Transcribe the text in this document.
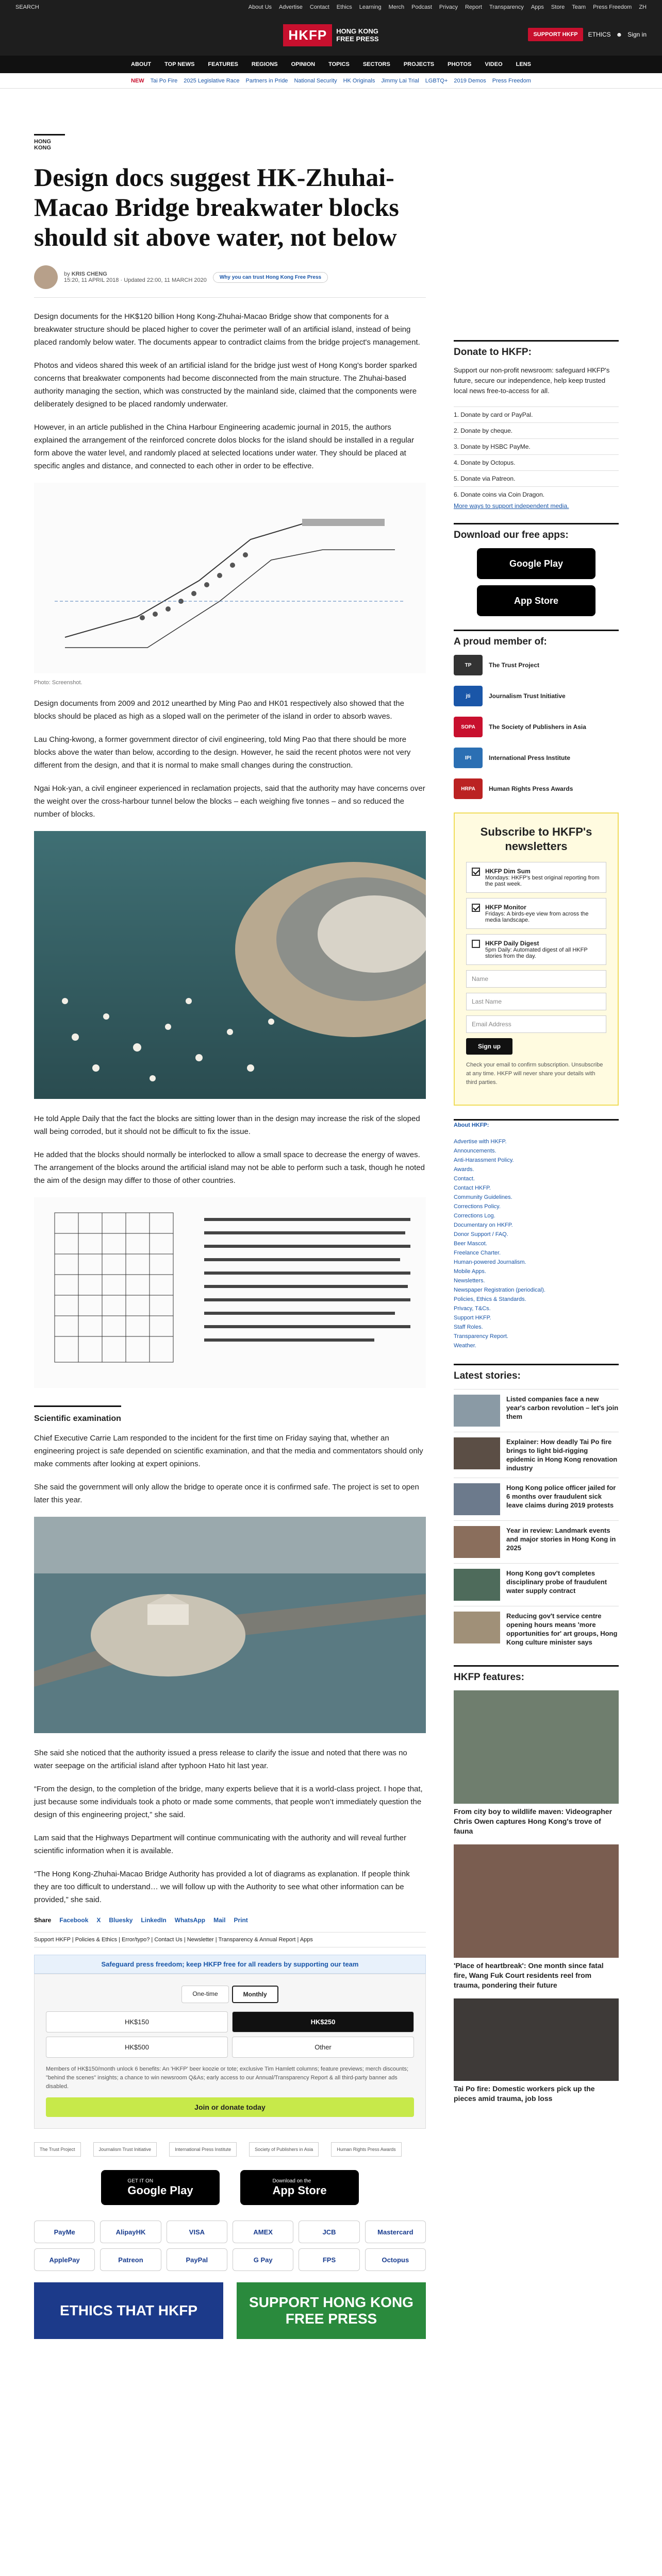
SEARCH	About Us Advertise Contact Ethics Learning Merch Podcast Privacy Report Transparency Apps Store Team Press Freedom ZH
HKFP	HONG KONG
FREE PRESS
SUPPORT HKFP	ETHICS ☻ Sign in
ABOUT TOP NEWS FEATURES REGIONS OPINION TOPICS SECTORS PROJECTS PHOTOS VIDEO LENS
NEW Tai Po Fire 2025 Legislative Race Partners in Pride National Security HK Originals Jimmy Lai Trial LGBTQ+ 2019 Demos Press Freedom
HONG KONG
Design docs suggest HK-Zhuhai-Macao Bridge breakwater blocks should sit above water, not below
by KRIS CHENG
15:20, 11 APRIL 2018 · Updated 22:00, 11 MARCH 2020	Why you can trust Hong Kong Free Press

Design documents for the HK$120 billion Hong Kong-Zhuhai-Macao Bridge show that components for a breakwater structure should be placed higher to cover the perimeter wall of an artificial island, instead of being placed randomly below water. The documents appear to contradict claims from the bridge project's management.

Photos and videos shared this week of an artificial island for the bridge just west of Hong Kong's border sparked concerns that breakwater components had become disconnected from the main structure. The Zhuhai-based authority managing the section, which was constructed by the mainland side, claimed that the components were deliberately designed to be placed randomly underwater.

However, in an article published in the China Harbour Engineering academic journal in 2015, the authors explained the arrangement of the reinforced concrete dolos blocks for the island should be installed in a regular form above the water level, and randomly placed at selected locations under water. They should be placed at specific angles and distance, and connected to each other in order to be effective.

Photo: Screenshot.

Design documents from 2009 and 2012 unearthed by Ming Pao and HK01 respectively also showed that the blocks should be placed as high as a sloped wall on the perimeter of the island in order to absorb waves.

Lau Ching-kwong, a former government director of civil engineering, told Ming Pao that there should be more blocks above the water than below, according to the design. However, he said the recent photos were not very different from the design, and that it is normal to make small changes during the construction.

Ngai Hok-yan, a civil engineer experienced in reclamation projects, said that the authority may have concerns over the weight over the cross-harbour tunnel below the blocks – each weighing five tonnes – and so reduced the number of blocks.

He told Apple Daily that the fact the blocks are sitting lower than in the design may increase the risk of the sloped wall being corroded, but it should not be difficult to fix the issue.

He added that the blocks should normally be interlocked to allow a small space to decrease the energy of waves. The arrangement of the blocks around the artificial island may not be able to perform such a task, though he noted the aim of the design may differ to those of other countries.

Scientific examination

Chief Executive Carrie Lam responded to the incident for the first time on Friday saying that, whether an engineering project is safe depended on scientific examination, and that the media and commentators should only make comments after looking at expert opinions.

She said the government will only allow the bridge to operate once it is confirmed safe. The project is set to open later this year.

She said she noticed that the authority issued a press release to clarify the issue and noted that there was no water seepage on the artificial island after typhoon Hato hit last year.

“From the design, to the completion of the bridge, many experts believe that it is a world-class project. I hope that, just because some individuals took a photo or made some comments, that people won’t immediately question the design of this engineering project,” she said.

Lam said that the Highways Department will continue communicating with the authority and will reveal further scientific information when it is available.

“The Hong Kong-Zhuhai-Macao Bridge Authority has provided a lot of diagrams as explanation. If people think they are too difficult to understand… we will follow up with the Authority to see what other information can be provided,” she said.

Share Facebook X Bluesky LinkedIn WhatsApp Mail Print
Support HKFP | Policies & Ethics | Error/typo? | Contact Us | Newsletter | Transparency & Annual Report | Apps
Safeguard press freedom; keep HKFP free for all readers by supporting our team
One-time	Monthly
HK$150	HK$250
HK$500	Other
Members of HK$150/month unlock 6 benefits: An 'HKFP' beer koozie or tote; exclusive Tim Hamlett columns; feature previews; merch discounts; "behind the scenes" insights; a chance to win newsroom Q&As; early access to our Annual/Transparency Report & all third-party banner ads disabled.
Join or donate today
The Trust Project	Journalism Trust Initiative	International Press Institute	Society of Publishers in Asia	Human Rights Press Awards
GET IT ON
Google Play
Download on the
App Store
PayMe	AlipayHK	VISA	AMEX	JCB	Mastercard
ApplePay	Patreon	PayPal	G Pay	FPS	Octopus
ETHICS THAT HKFP
SUPPORT HONG KONG FREE PRESS
Donate to HKFP:

Support our non-profit newsroom: safeguard HKFP's future, secure our independence, help keep trusted local news free-to-access for all.

1. Donate by card or PayPal.
2. Donate by cheque.
3. Donate by HSBC PayMe.
4. Donate by Octopus.
5. Donate via Patreon.
6. Donate coins via Coin Dragon.
More ways to support independent media.
Download our free apps:
Google Play
App Store
A proud member of:
TP	The Trust Project
jti	Journalism Trust Initiative
SOPA	The Society of Publishers in Asia
IPI	International Press Institute
HRPA	Human Rights Press Awards
Subscribe to HKFP's newsletters
HKFP Dim Sum
Mondays: HKFP's best original reporting from the past week.
HKFP Monitor
Fridays: A birds-eye view from across the media landscape.
HKFP Daily Digest
5pm Daily: Automated digest of all HKFP stories from the day.
Name
Last Name
Email Address
Sign up
Check your email to confirm subscription. Unsubscribe at any time. HKFP will never share your details with third parties.
About HKFP:
Advertise with HKFP.
Announcements.
Anti-Harassment Policy.
Awards.
Contact.
Contact HKFP.
Community Guidelines.
Corrections Policy.
Corrections Log.
Documentary on HKFP.
Donor Support / FAQ.
Beer Mascot.
Freelance Charter.
Human-powered Journalism.
Mobile Apps.
Newsletters.
Newspaper Registration (periodical).
Policies, Ethics & Standards.
Privacy, T&Cs.
Support HKFP.
Staff Roles.
Transparency Report.
Weather.
Latest stories:
Listed companies face a new year's carbon revolution – let's join them
Explainer: How deadly Tai Po fire brings to light bid-rigging epidemic in Hong Kong renovation industry
Hong Kong police officer jailed for 6 months over fraudulent sick leave claims during 2019 protests
Year in review: Landmark events and major stories in Hong Kong in 2025
Hong Kong gov't completes disciplinary probe of fraudulent water supply contract
Reducing gov't service centre opening hours means 'more opportunities for' art groups, Hong Kong culture minister says
HKFP features:
From city boy to wildlife maven: Videographer Chris Owen captures Hong Kong's trove of fauna
'Place of heartbreak': One month since fatal fire, Wang Fuk Court residents reel from trauma, pondering their future
Tai Po fire: Domestic workers pick up the pieces amid trauma, job loss
